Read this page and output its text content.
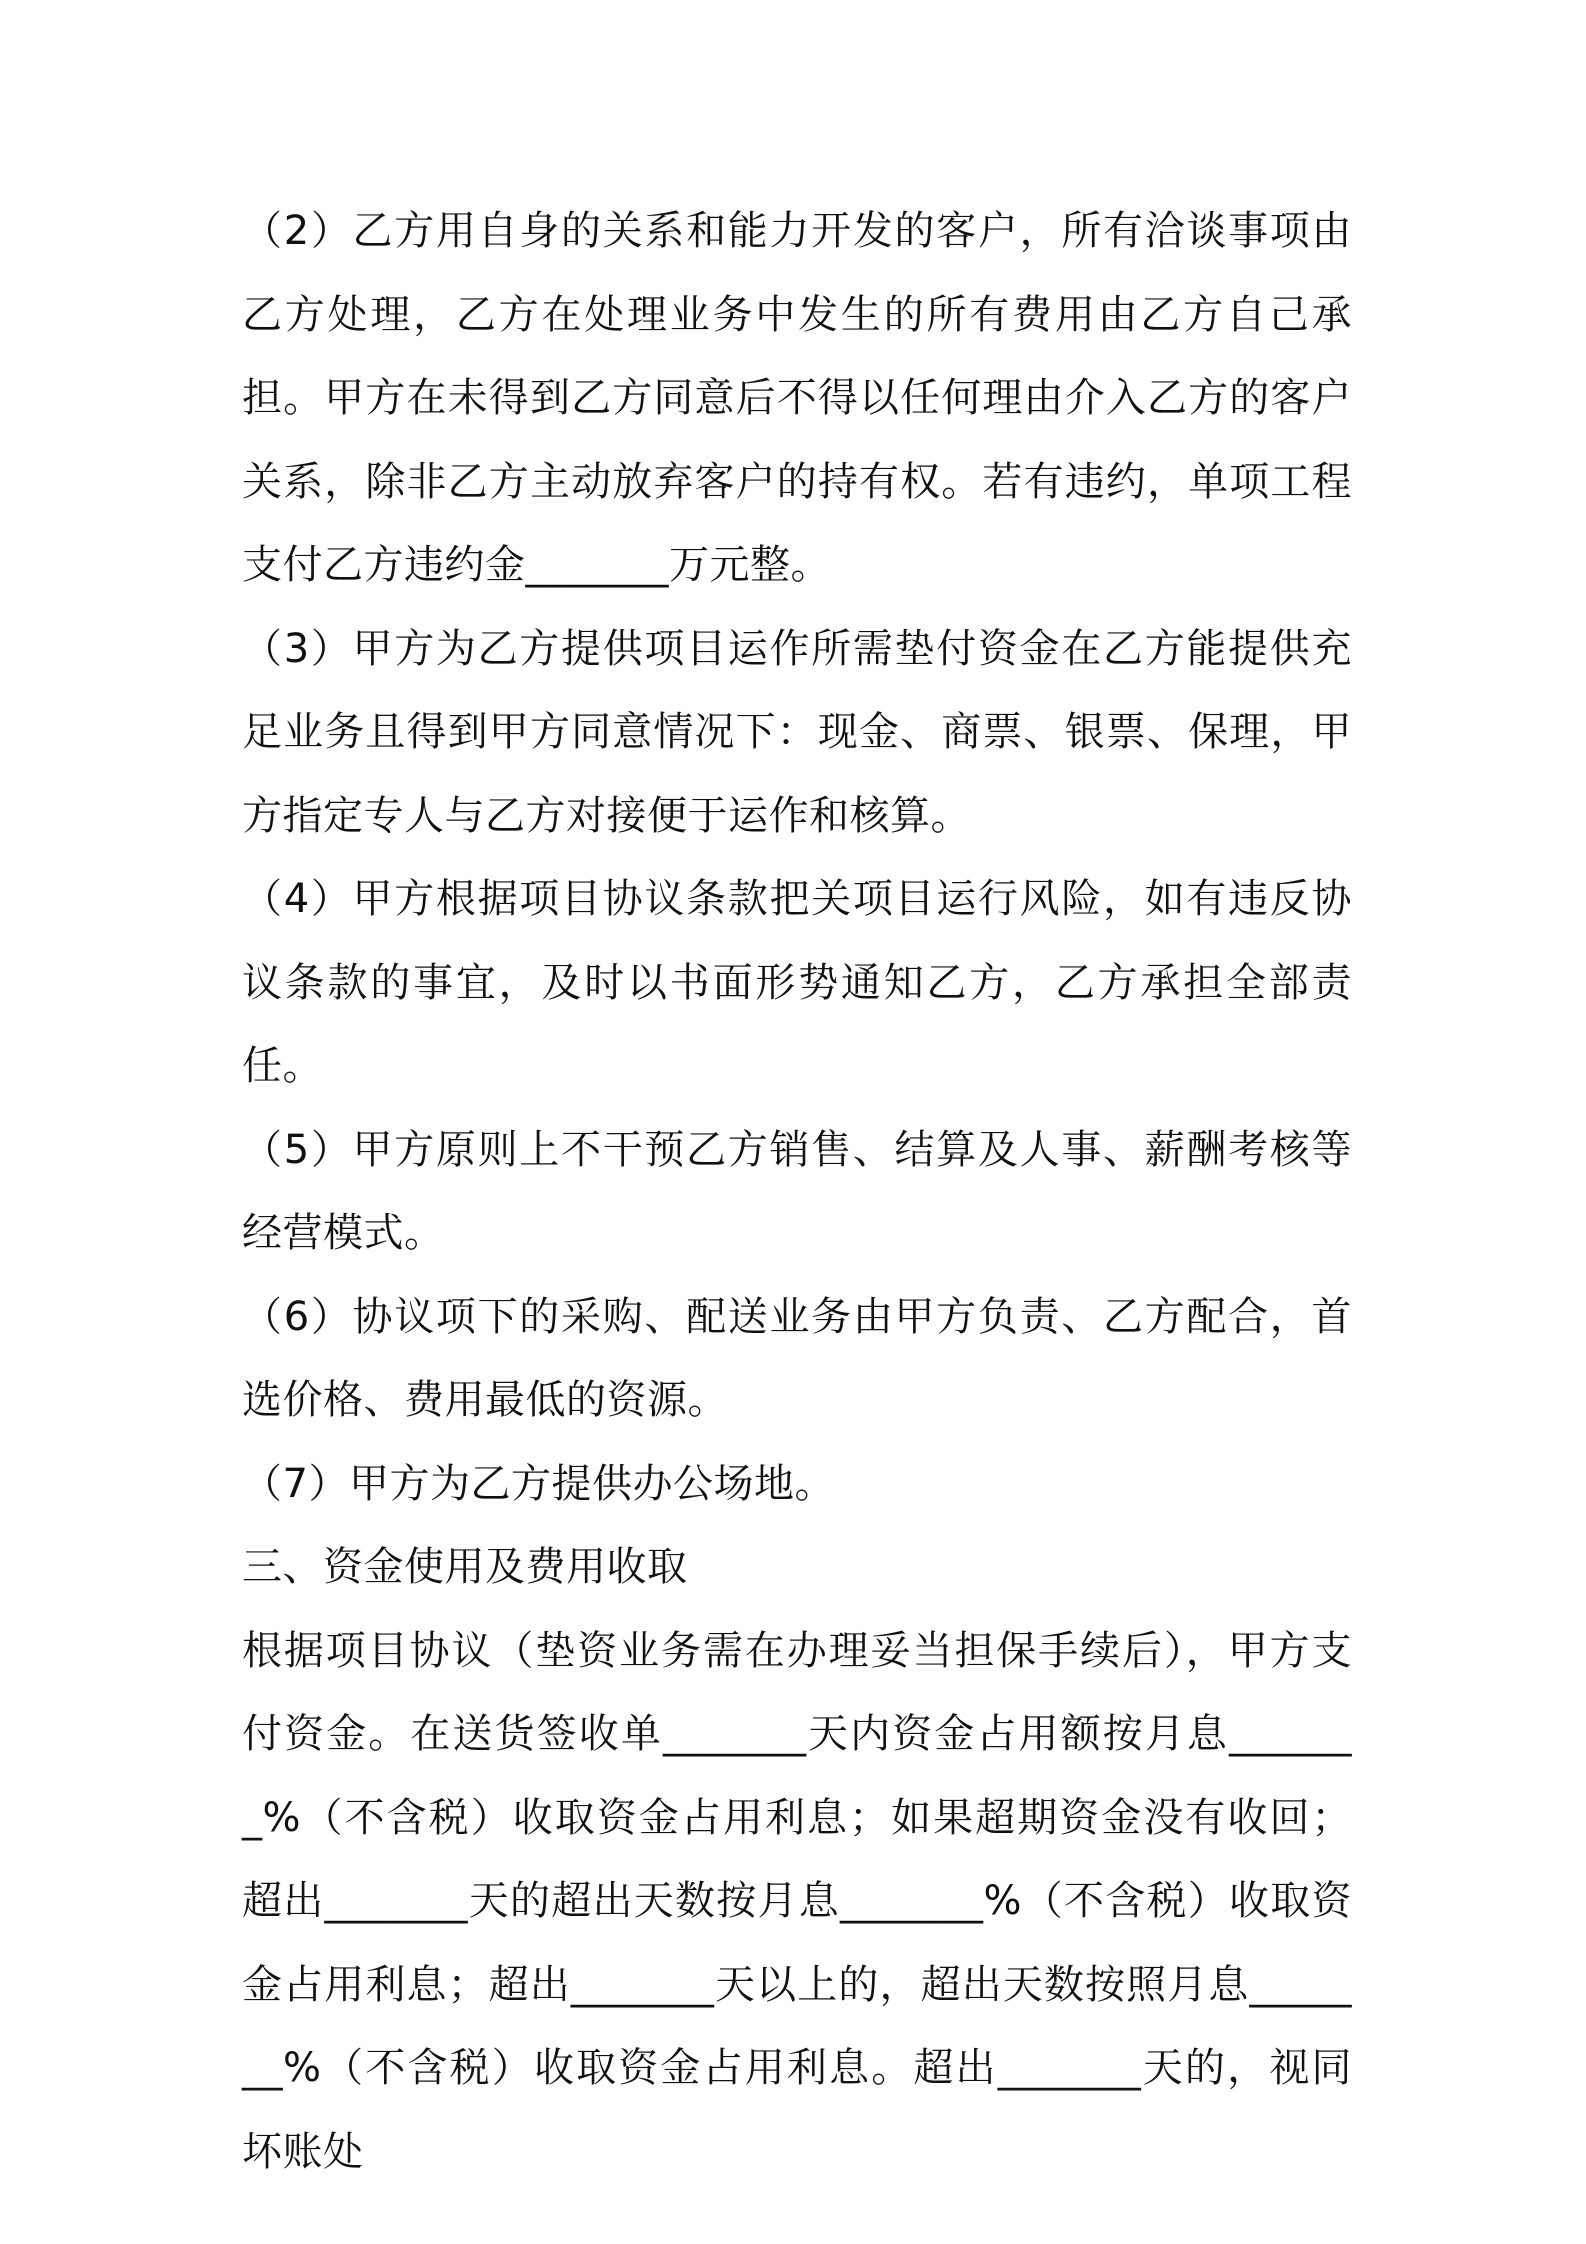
（2）乙方用自身的关系和能力开发的客户，所有洽谈事项由乙方处理，乙方在处理业务中发生的所有费用由乙方自己承担。甲方在未得到乙方同意后不得以任何理由介入乙方的客户关系，除非乙方主动放弃客户的持有权。若有违约，单项工程支付乙方违约金_______万元整。

（3）甲方为乙方提供项目运作所需垫付资金在乙方能提供充足业务且得到甲方同意情况下：现金、商票、银票、保理，甲方指定专人与乙方对接便于运作和核算。

（4）甲方根据项目协议条款把关项目运行风险，如有违反协议条款的事宜，及时以书面形势通知乙方，乙方承担全部责任。

（5）甲方原则上不干预乙方销售、结算及人事、薪酬考核等经营模式。

（6）协议项下的采购、配送业务由甲方负责、乙方配合，首选价格、费用最低的资源。

（7）甲方为乙方提供办公场地。

三、资金使用及费用收取

根据项目协议（垫资业务需在办理妥当担保手续后），甲方支付资金。在送货签收单_______天内资金占用额按月息_______%（不含税）收取资金占用利息；如果超期资金没有收回；超出_______天的超出天数按月息_______%（不含税）收取资金占用利息；超出_______天以上的，超出天数按照月息_______%（不含税）收取资金占用利息。超出_______天的，视同坏账处
